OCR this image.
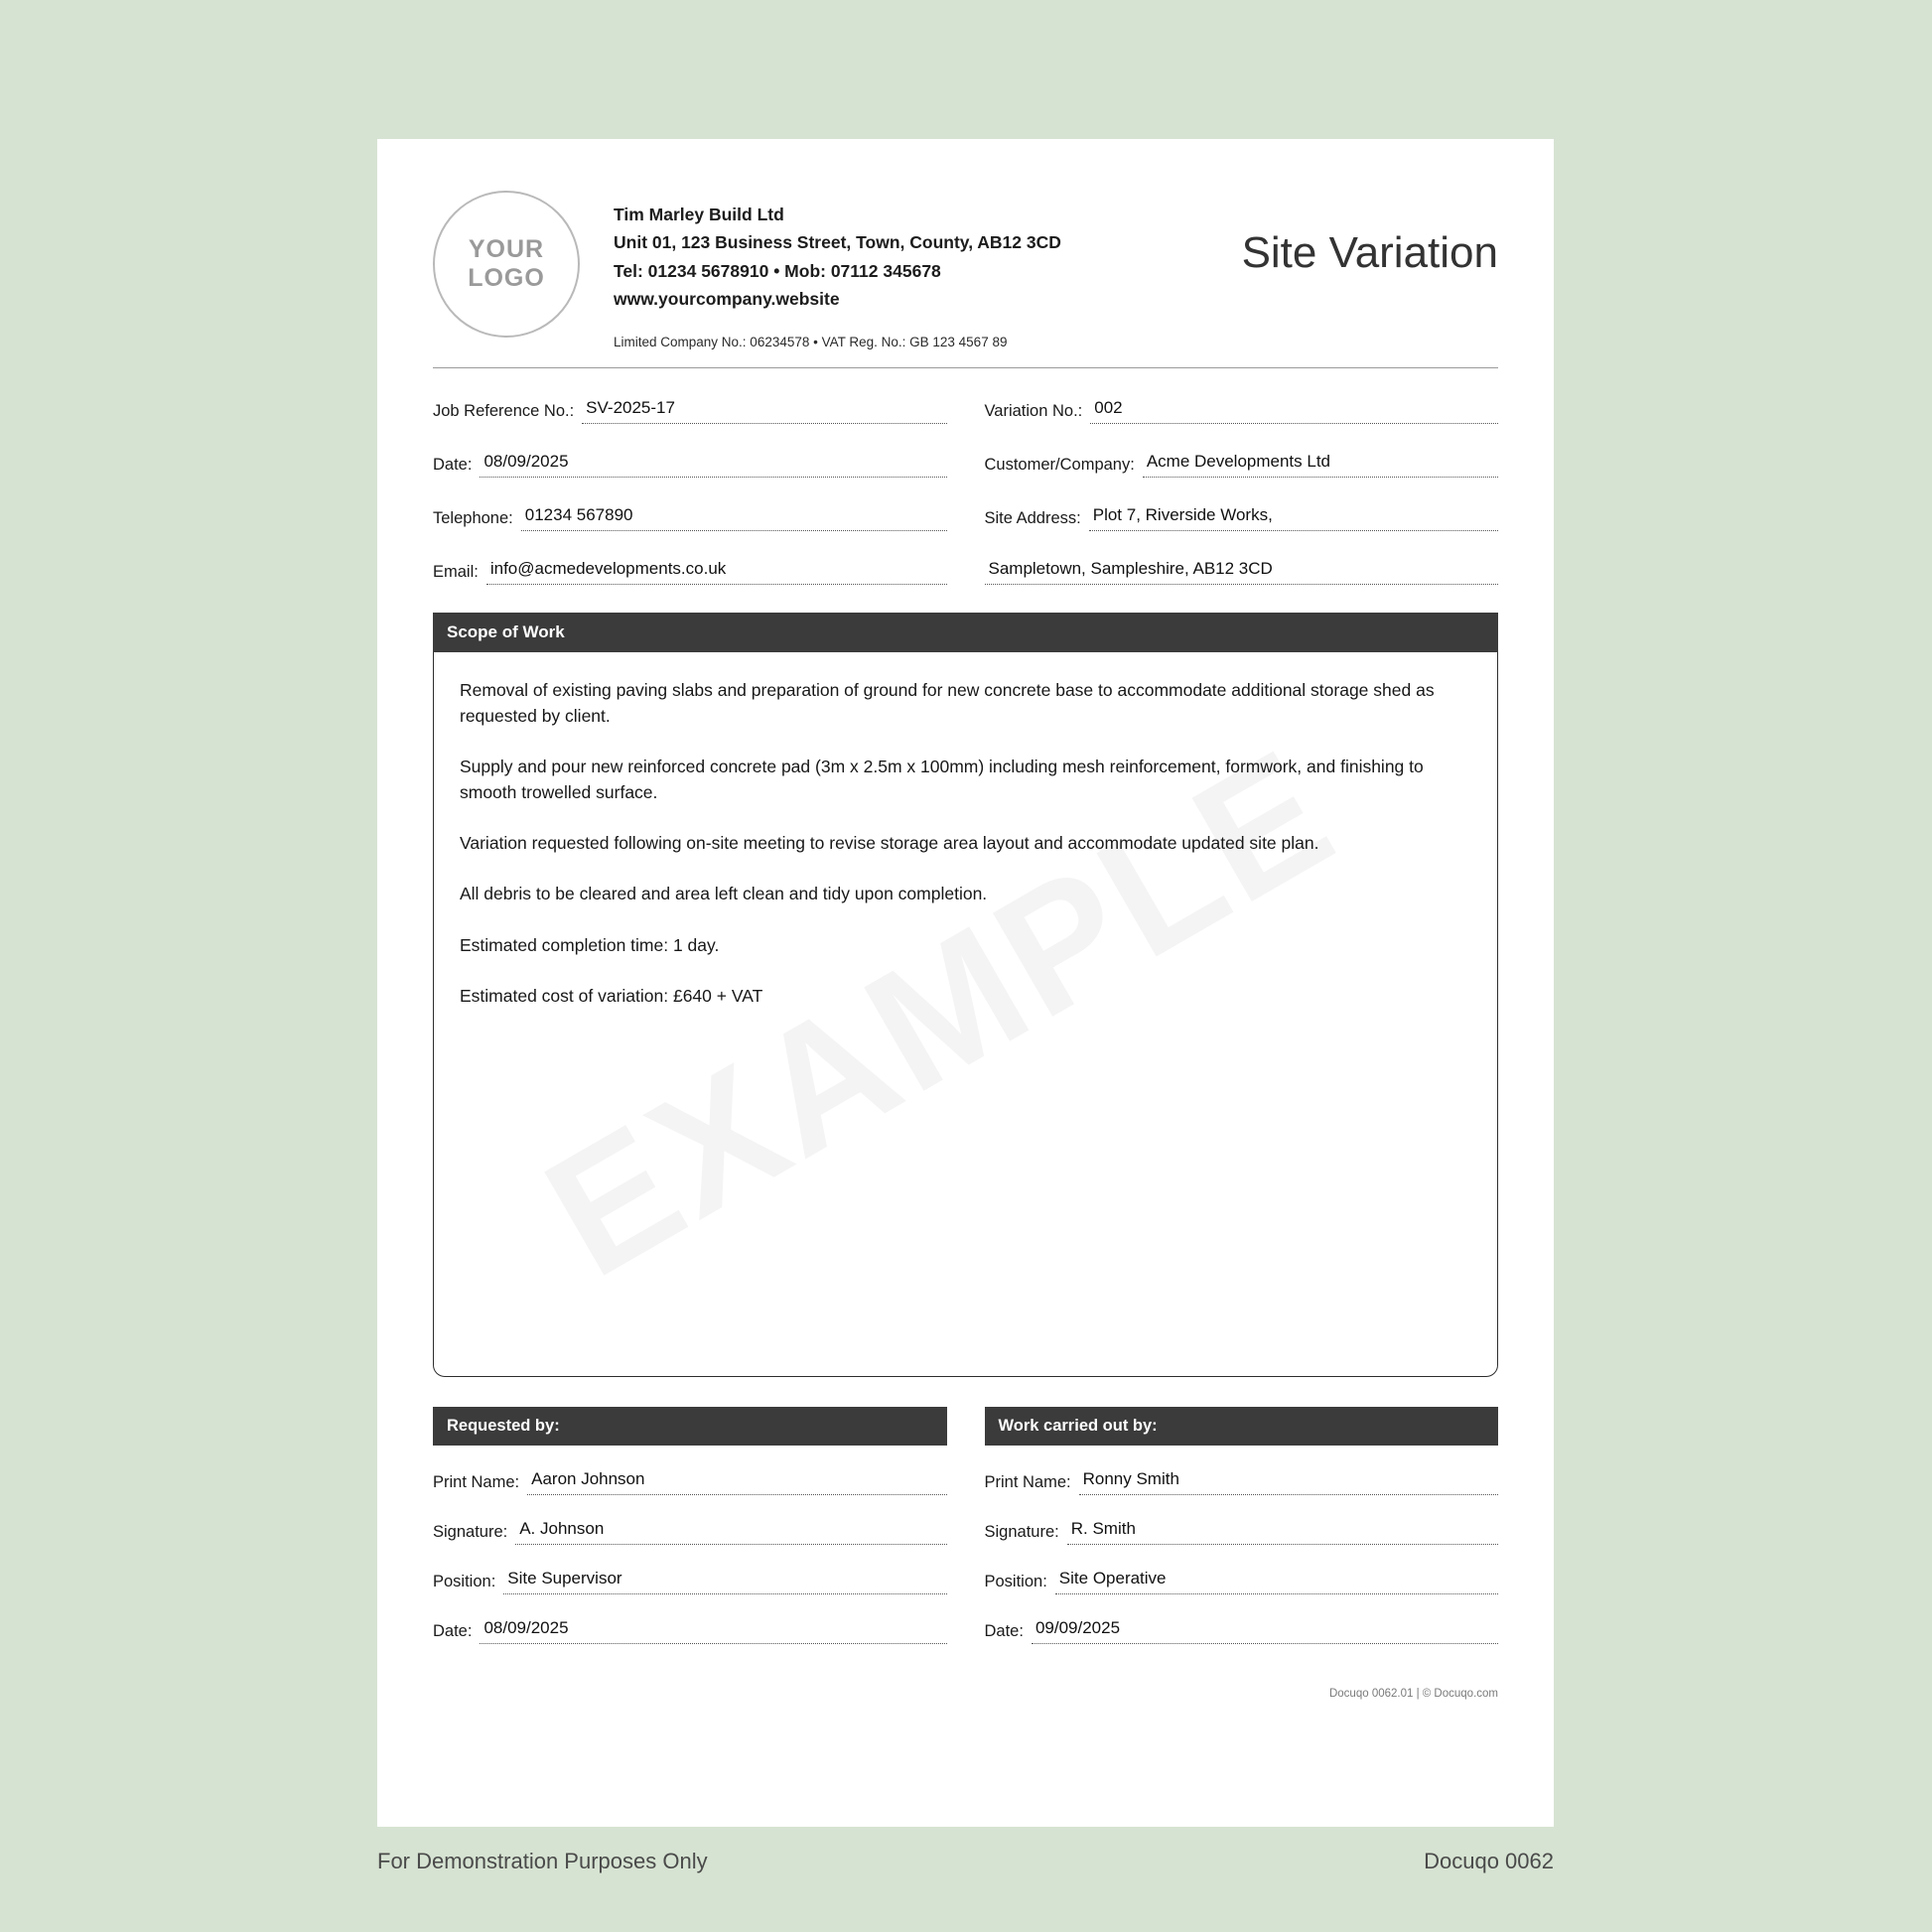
YOUR
LOGO
Tim Marley Build Ltd
Unit 01, 123 Business Street, Town, County, AB12 3CD
Tel: 01234 5678910 • Mob: 07112 345678
www.yourcompany.website
Limited Company No.: 06234578 • VAT Reg. No.: GB 123 4567 89
Site Variation
Job Reference No.: SV-2025-17
Date: 08/09/2025
Telephone: 01234 567890
Email: info@acmedevelopments.co.uk
Variation No.: 002
Customer/Company: Acme Developments Ltd
Site Address: Plot 7, Riverside Works,
Sampletown, Sampleshire, AB12 3CD
Scope of Work

Removal of existing paving slabs and preparation of ground for new concrete base to accommodate additional storage shed as requested by client.

Supply and pour new reinforced concrete pad (3m x 2.5m x 100mm) including mesh reinforcement, formwork, and finishing to smooth trowelled surface.

Variation requested following on-site meeting to revise storage area layout and accommodate updated site plan.

All debris to be cleared and area left clean and tidy upon completion.

Estimated completion time: 1 day.

Estimated cost of variation: £640 + VAT

Requested by:
Print Name: Aaron Johnson
Signature: A. Johnson
Position: Site Supervisor
Date: 08/09/2025
Work carried out by:
Print Name: Ronny Smith
Signature: R. Smith
Position: Site Operative
Date: 09/09/2025
Docuqo 0062.01 | © Docuqo.com
For Demonstration Purposes Only	Docuqo 0062
